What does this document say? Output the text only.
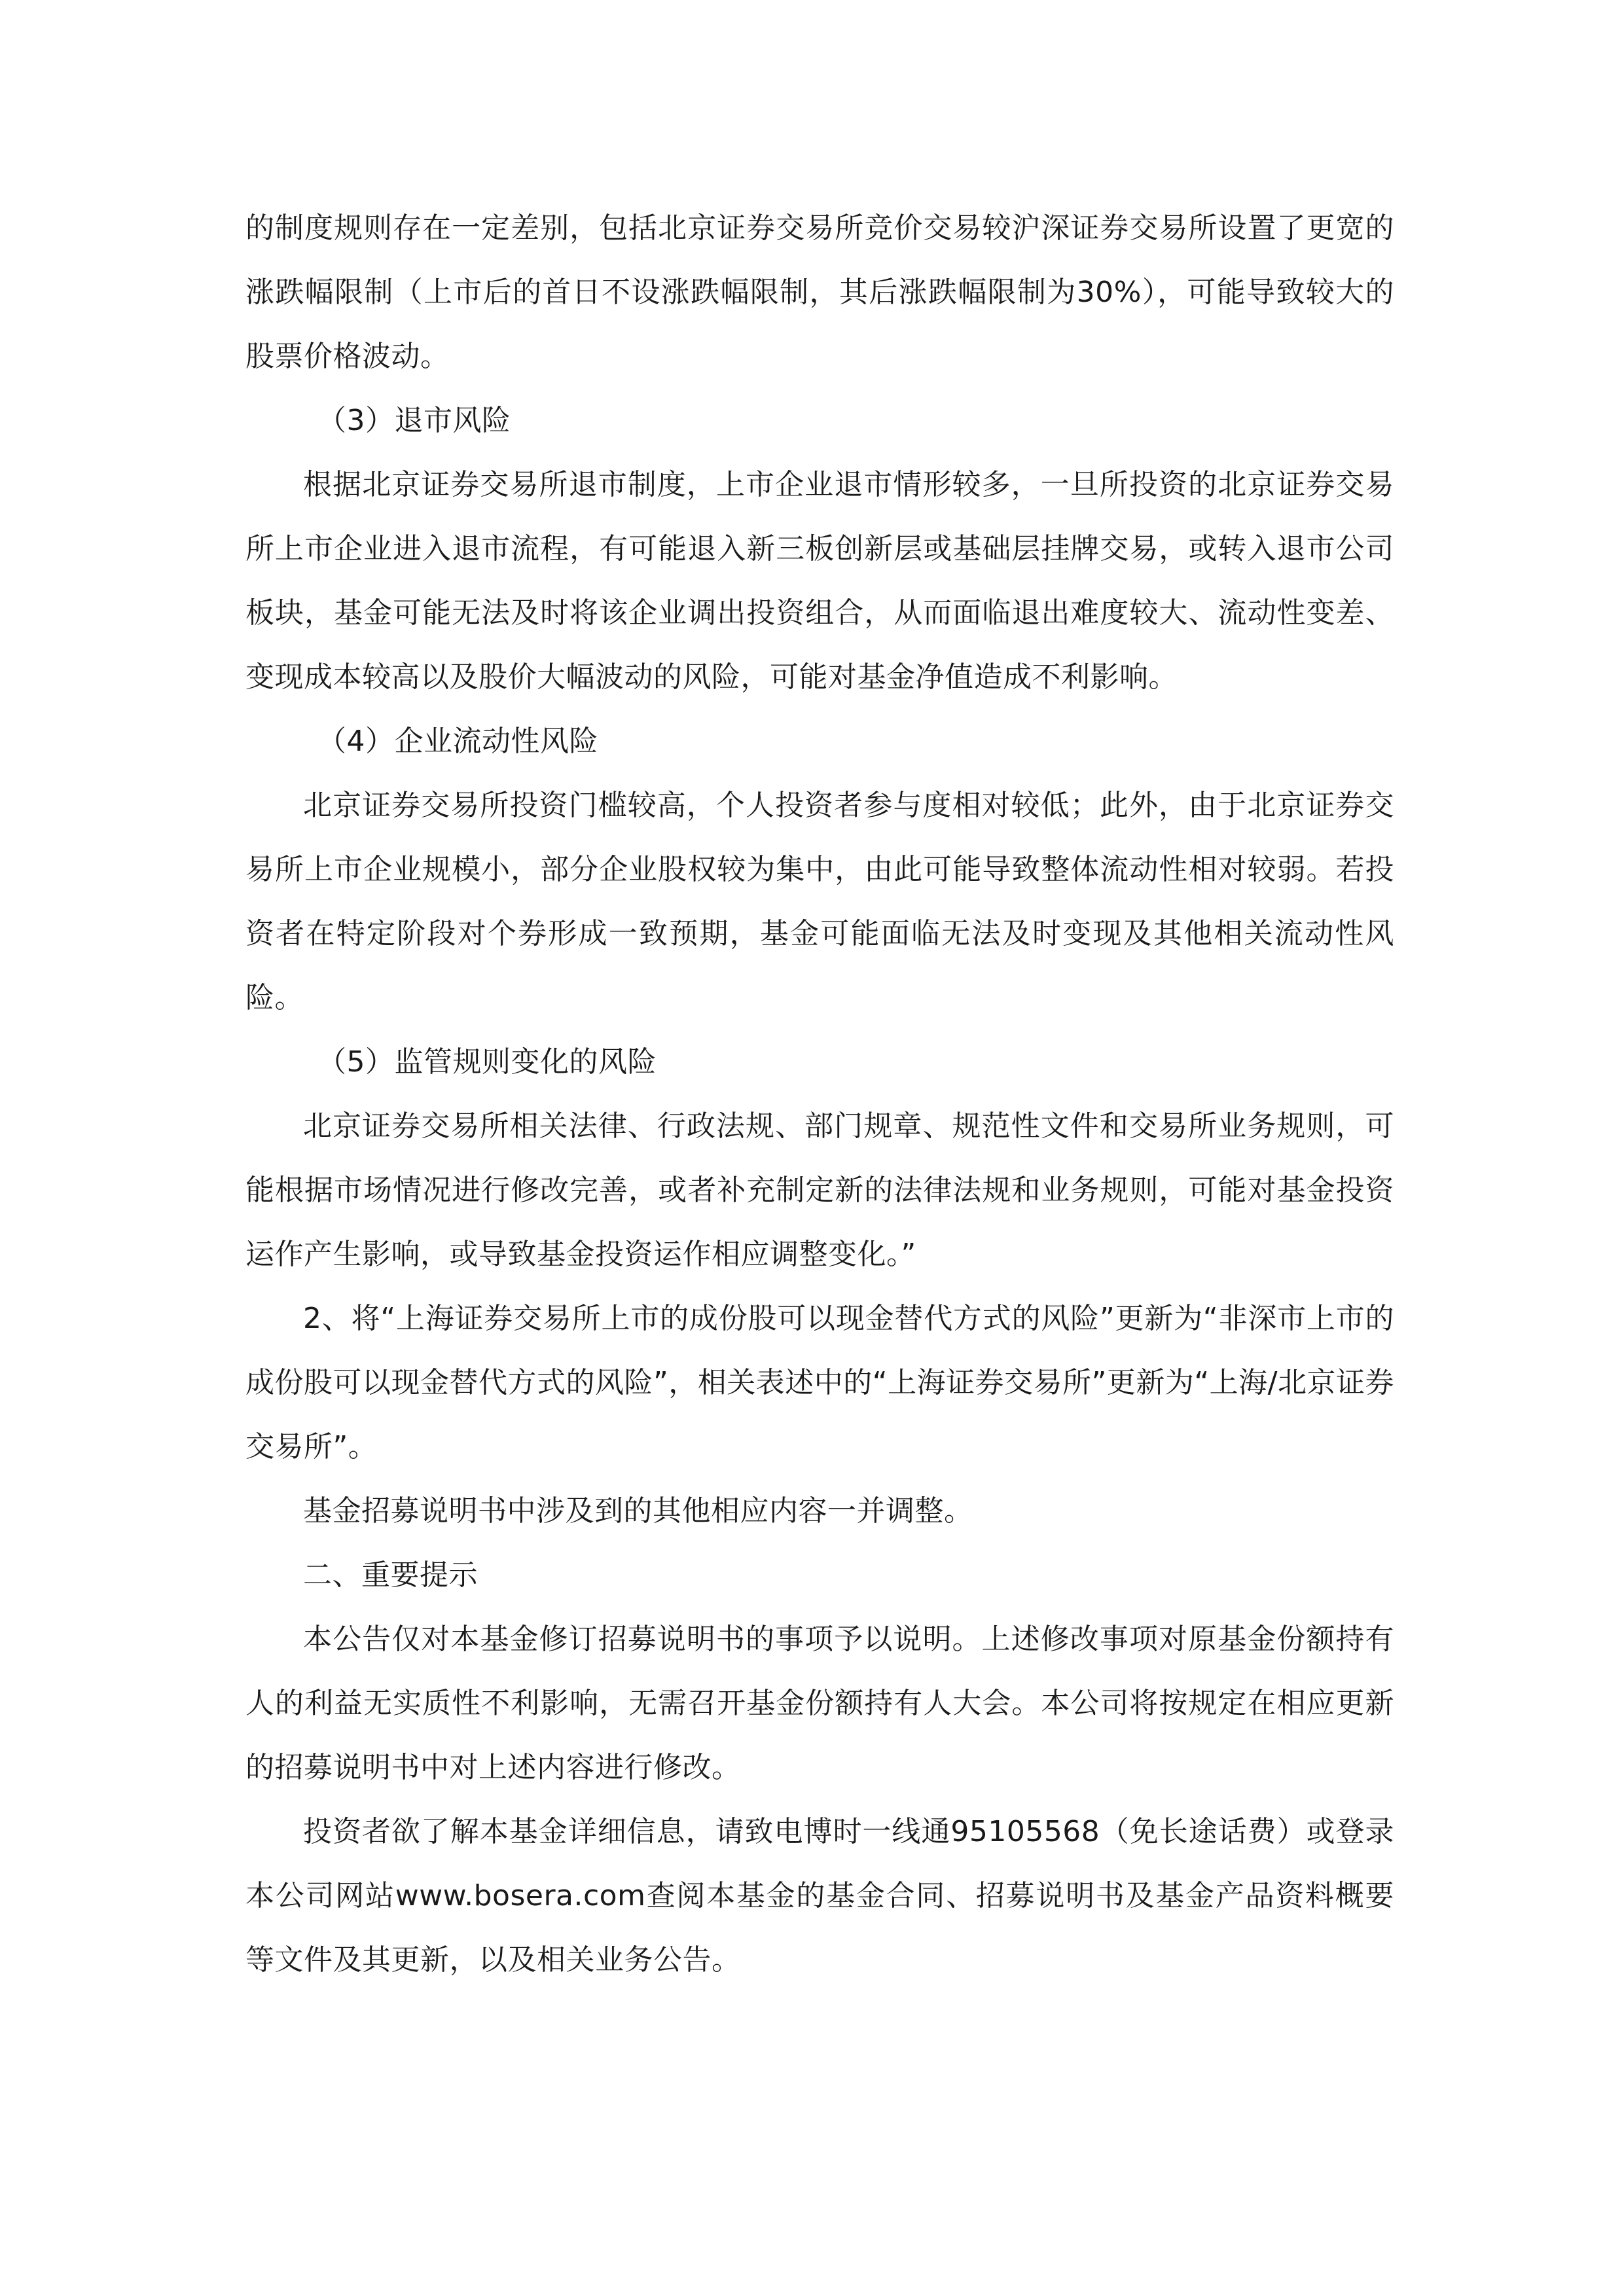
的制度规则存在一定差别，包括北京证券交易所竞价交易较沪深证券交易所设置了更宽的涨跌幅限制（上市后的首日不设涨跌幅限制，其后涨跌幅限制为30%），可能导致较大的股票价格波动。

（3）退市风险

根据北京证券交易所退市制度，上市企业退市情形较多，一旦所投资的北京证券交易所上市企业进入退市流程，有可能退入新三板创新层或基础层挂牌交易，或转入退市公司板块，基金可能无法及时将该企业调出投资组合，从而面临退出难度较大、流动性变差、变现成本较高以及股价大幅波动的风险，可能对基金净值造成不利影响。

（4）企业流动性风险

北京证券交易所投资门槛较高，个人投资者参与度相对较低；此外，由于北京证券交易所上市企业规模小，部分企业股权较为集中，由此可能导致整体流动性相对较弱。若投资者在特定阶段对个券形成一致预期，基金可能面临无法及时变现及其他相关流动性风险。

（5）监管规则变化的风险

北京证券交易所相关法律、行政法规、部门规章、规范性文件和交易所业务规则，可能根据市场情况进行修改完善，或者补充制定新的法律法规和业务规则，可能对基金投资运作产生影响，或导致基金投资运作相应调整变化。”

2、将“上海证券交易所上市的成份股可以现金替代方式的风险”更新为“非深市上市的成份股可以现金替代方式的风险”，相关表述中的“上海证券交易所”更新为“上海/北京证券交易所”。

基金招募说明书中涉及到的其他相应内容一并调整。

二、重要提示

本公告仅对本基金修订招募说明书的事项予以说明。上述修改事项对原基金份额持有人的利益无实质性不利影响，无需召开基金份额持有人大会。本公司将按规定在相应更新的招募说明书中对上述内容进行修改。

投资者欲了解本基金详细信息，请致电博时一线通95105568（免长途话费）或登录本公司网站www.bosera.com查阅本基金的基金合同、招募说明书及基金产品资料概要等文件及其更新，以及相关业务公告。
